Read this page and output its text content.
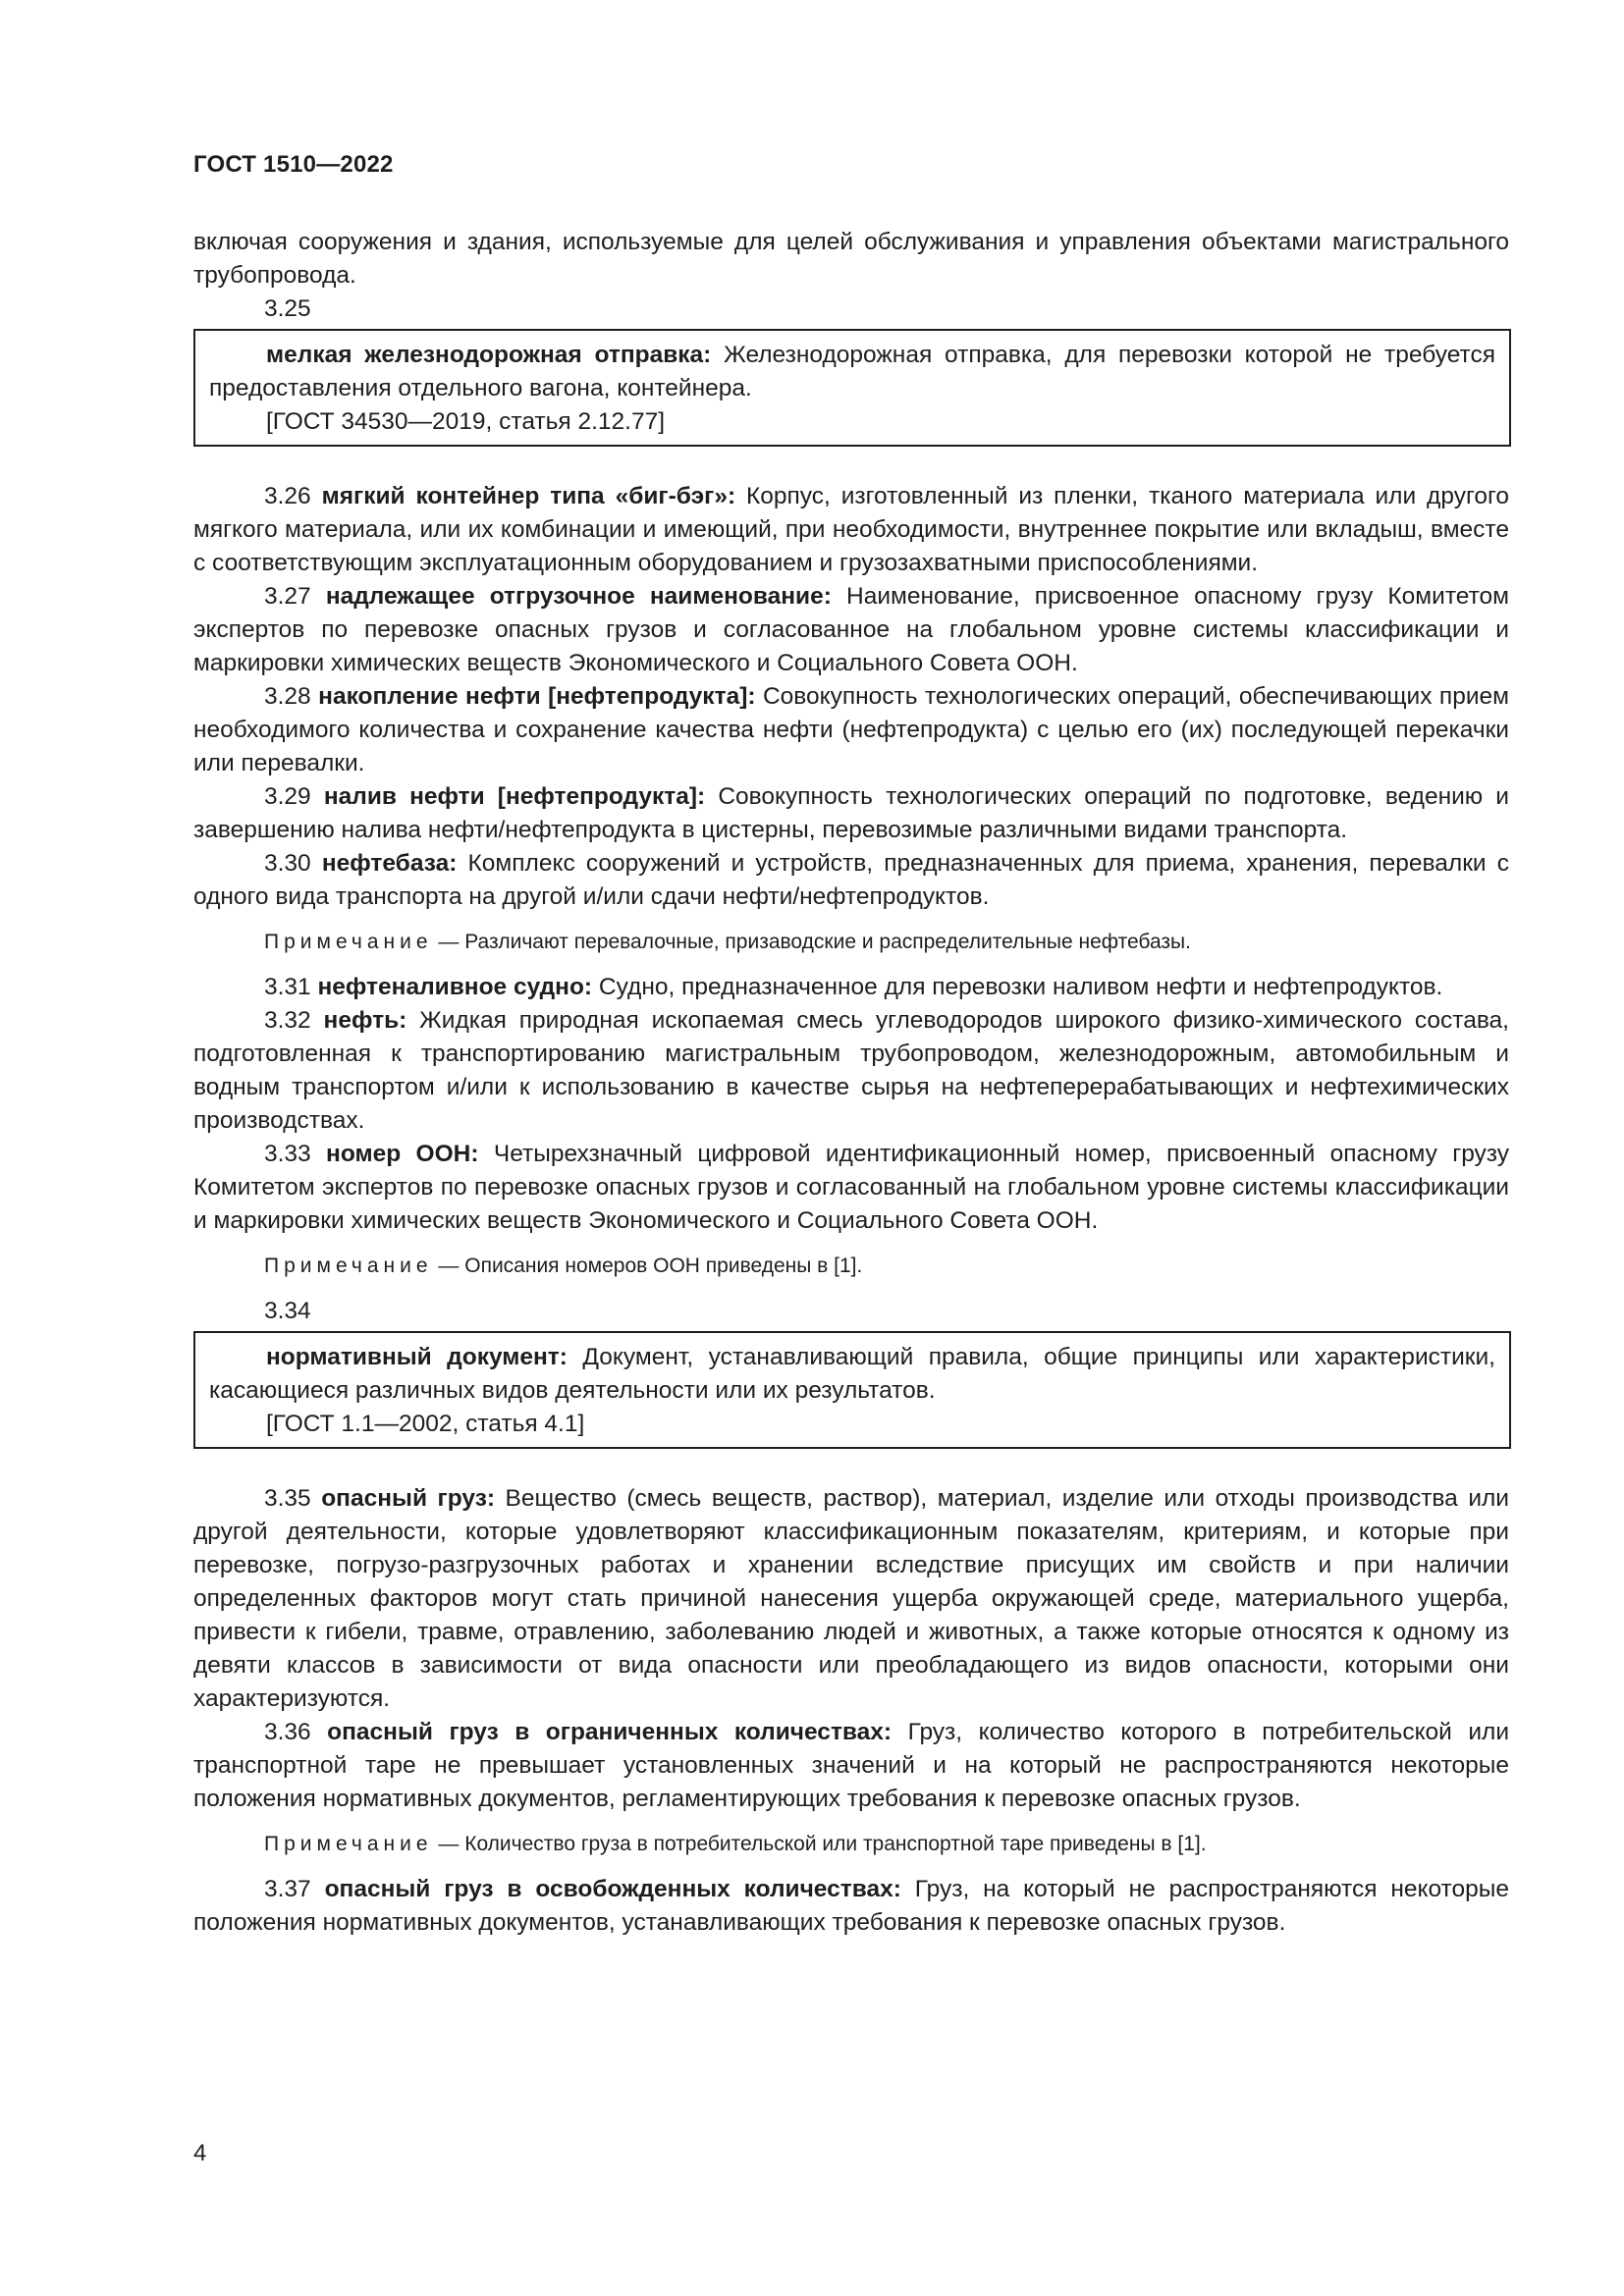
ГОСТ 1510—2022

включая сооружения и здания, используемые для целей обслуживания и управления объектами магистрального трубопровода.

3.25

мелкая железнодорожная отправка: Железнодорожная отправка, для перевозки которой не требуется предоставления отдельного вагона, контейнера.

[ГОСТ 34530—2019, статья 2.12.77]

3.26 мягкий контейнер типа «биг-бэг»: Корпус, изготовленный из пленки, тканого материала или другого мягкого материала, или их комбинации и имеющий, при необходимости, внутреннее покрытие или вкладыш, вместе с соответствующим эксплуатационным оборудованием и грузозахватными приспособлениями.

3.27 надлежащее отгрузочное наименование: Наименование, присвоенное опасному грузу Комитетом экспертов по перевозке опасных грузов и согласованное на глобальном уровне системы классификации и маркировки химических веществ Экономического и Социального Совета ООН.

3.28 накопление нефти [нефтепродукта]: Совокупность технологических операций, обеспечивающих прием необходимого количества и сохранение качества нефти (нефтепродукта) с целью его (их) последующей перекачки или перевалки.

3.29 налив нефти [нефтепродукта]: Совокупность технологических операций по подготовке, ведению и завершению налива нефти/нефтепродукта в цистерны, перевозимые различными видами транспорта.

3.30 нефтебаза: Комплекс сооружений и устройств, предназначенных для приема, хранения, перевалки с одного вида транспорта на другой и/или сдачи нефти/нефтепродуктов.

Примечание — Различают перевалочные, призаводские и распределительные нефтебазы.

3.31 нефтеналивное судно: Судно, предназначенное для перевозки наливом нефти и нефтепродуктов.

3.32 нефть: Жидкая природная ископаемая смесь углеводородов широкого физико-химического состава, подготовленная к транспортированию магистральным трубопроводом, железнодорожным, автомобильным и водным транспортом и/или к использованию в качестве сырья на нефтеперерабатывающих и нефтехимических производствах.

3.33 номер ООН: Четырехзначный цифровой идентификационный номер, присвоенный опасному грузу Комитетом экспертов по перевозке опасных грузов и согласованный на глобальном уровне системы классификации и маркировки химических веществ Экономического и Социального Совета ООН.

Примечание — Описания номеров ООН приведены в [1].

3.34

нормативный документ: Документ, устанавливающий правила, общие принципы или характеристики, касающиеся различных видов деятельности или их результатов.

[ГОСТ 1.1—2002, статья 4.1]

3.35 опасный груз: Вещество (смесь веществ, раствор), материал, изделие или отходы производства или другой деятельности, которые удовлетворяют классификационным показателям, критериям, и которые при перевозке, погрузо-разгрузочных работах и хранении вследствие присущих им свойств и при наличии определенных факторов могут стать причиной нанесения ущерба окружающей среде, материального ущерба, привести к гибели, травме, отравлению, заболеванию людей и животных, а также которые относятся к одному из девяти классов в зависимости от вида опасности или преобладающего из видов опасности, которыми они характеризуются.

3.36 опасный груз в ограниченных количествах: Груз, количество которого в потребительской или транспортной таре не превышает установленных значений и на который не распространяются некоторые положения нормативных документов, регламентирующих требования к перевозке опасных грузов.

Примечание — Количество груза в потребительской или транспортной таре приведены в [1].

3.37 опасный груз в освобожденных количествах: Груз, на который не распространяются некоторые положения нормативных документов, устанавливающих требования к перевозке опасных грузов.

4
